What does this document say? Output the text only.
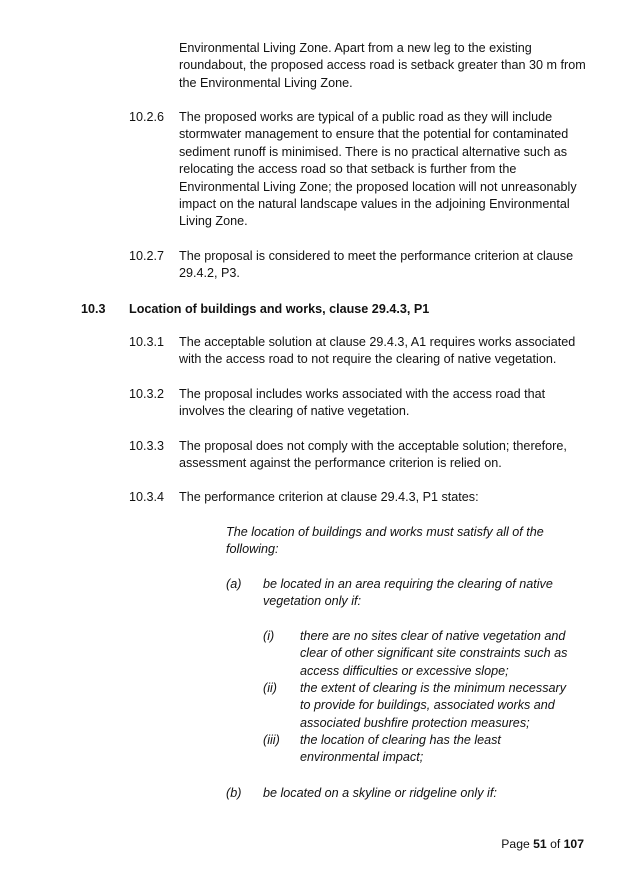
Environmental Living Zone. Apart from a new leg to the existing
roundabout, the proposed access road is setback greater than 30 m from
the Environmental Living Zone.

10.2.6 The proposed works are typical of a public road as they will include
stormwater management to ensure that the potential for contaminated
sediment runoff is minimised. There is no practical alternative such as
relocating the access road so that setback is further from the
Environmental Living Zone; the proposed location will not unreasonably
impact on the natural landscape values in the adjoining Environmental
Living Zone.

10.2.7 The proposal is considered to meet the performance criterion at clause
29.4.2, P3.

10.3 Location of buildings and works, clause 29.4.3, P1
10.3.1 The acceptable solution at clause 29.4.3, A1 requires works associated
with the access road to not require the clearing of native vegetation.

10.3.2 The proposal includes works associated with the access road that
involves the clearing of native vegetation.

10.3.3 The proposal does not comply with the acceptable solution; therefore,
assessment against the performance criterion is relied on.

10.3.4 The performance criterion at clause 29.4.3, P1 states:

The location of buildings and works must satisfy all of the
following:

(a) be located in an area requiring the clearing of native
vegetation only if:

(i) there are no sites clear of native vegetation and
clear of other significant site constraints such as
access difficulties or excessive slope;

(ii) the extent of clearing is the minimum necessary
to provide for buildings, associated works and
associated bushfire protection measures;

(iii) the location of clearing has the least
environmental impact;

(b) be located on a skyline or ridgeline only if:

Page 51 of 107
